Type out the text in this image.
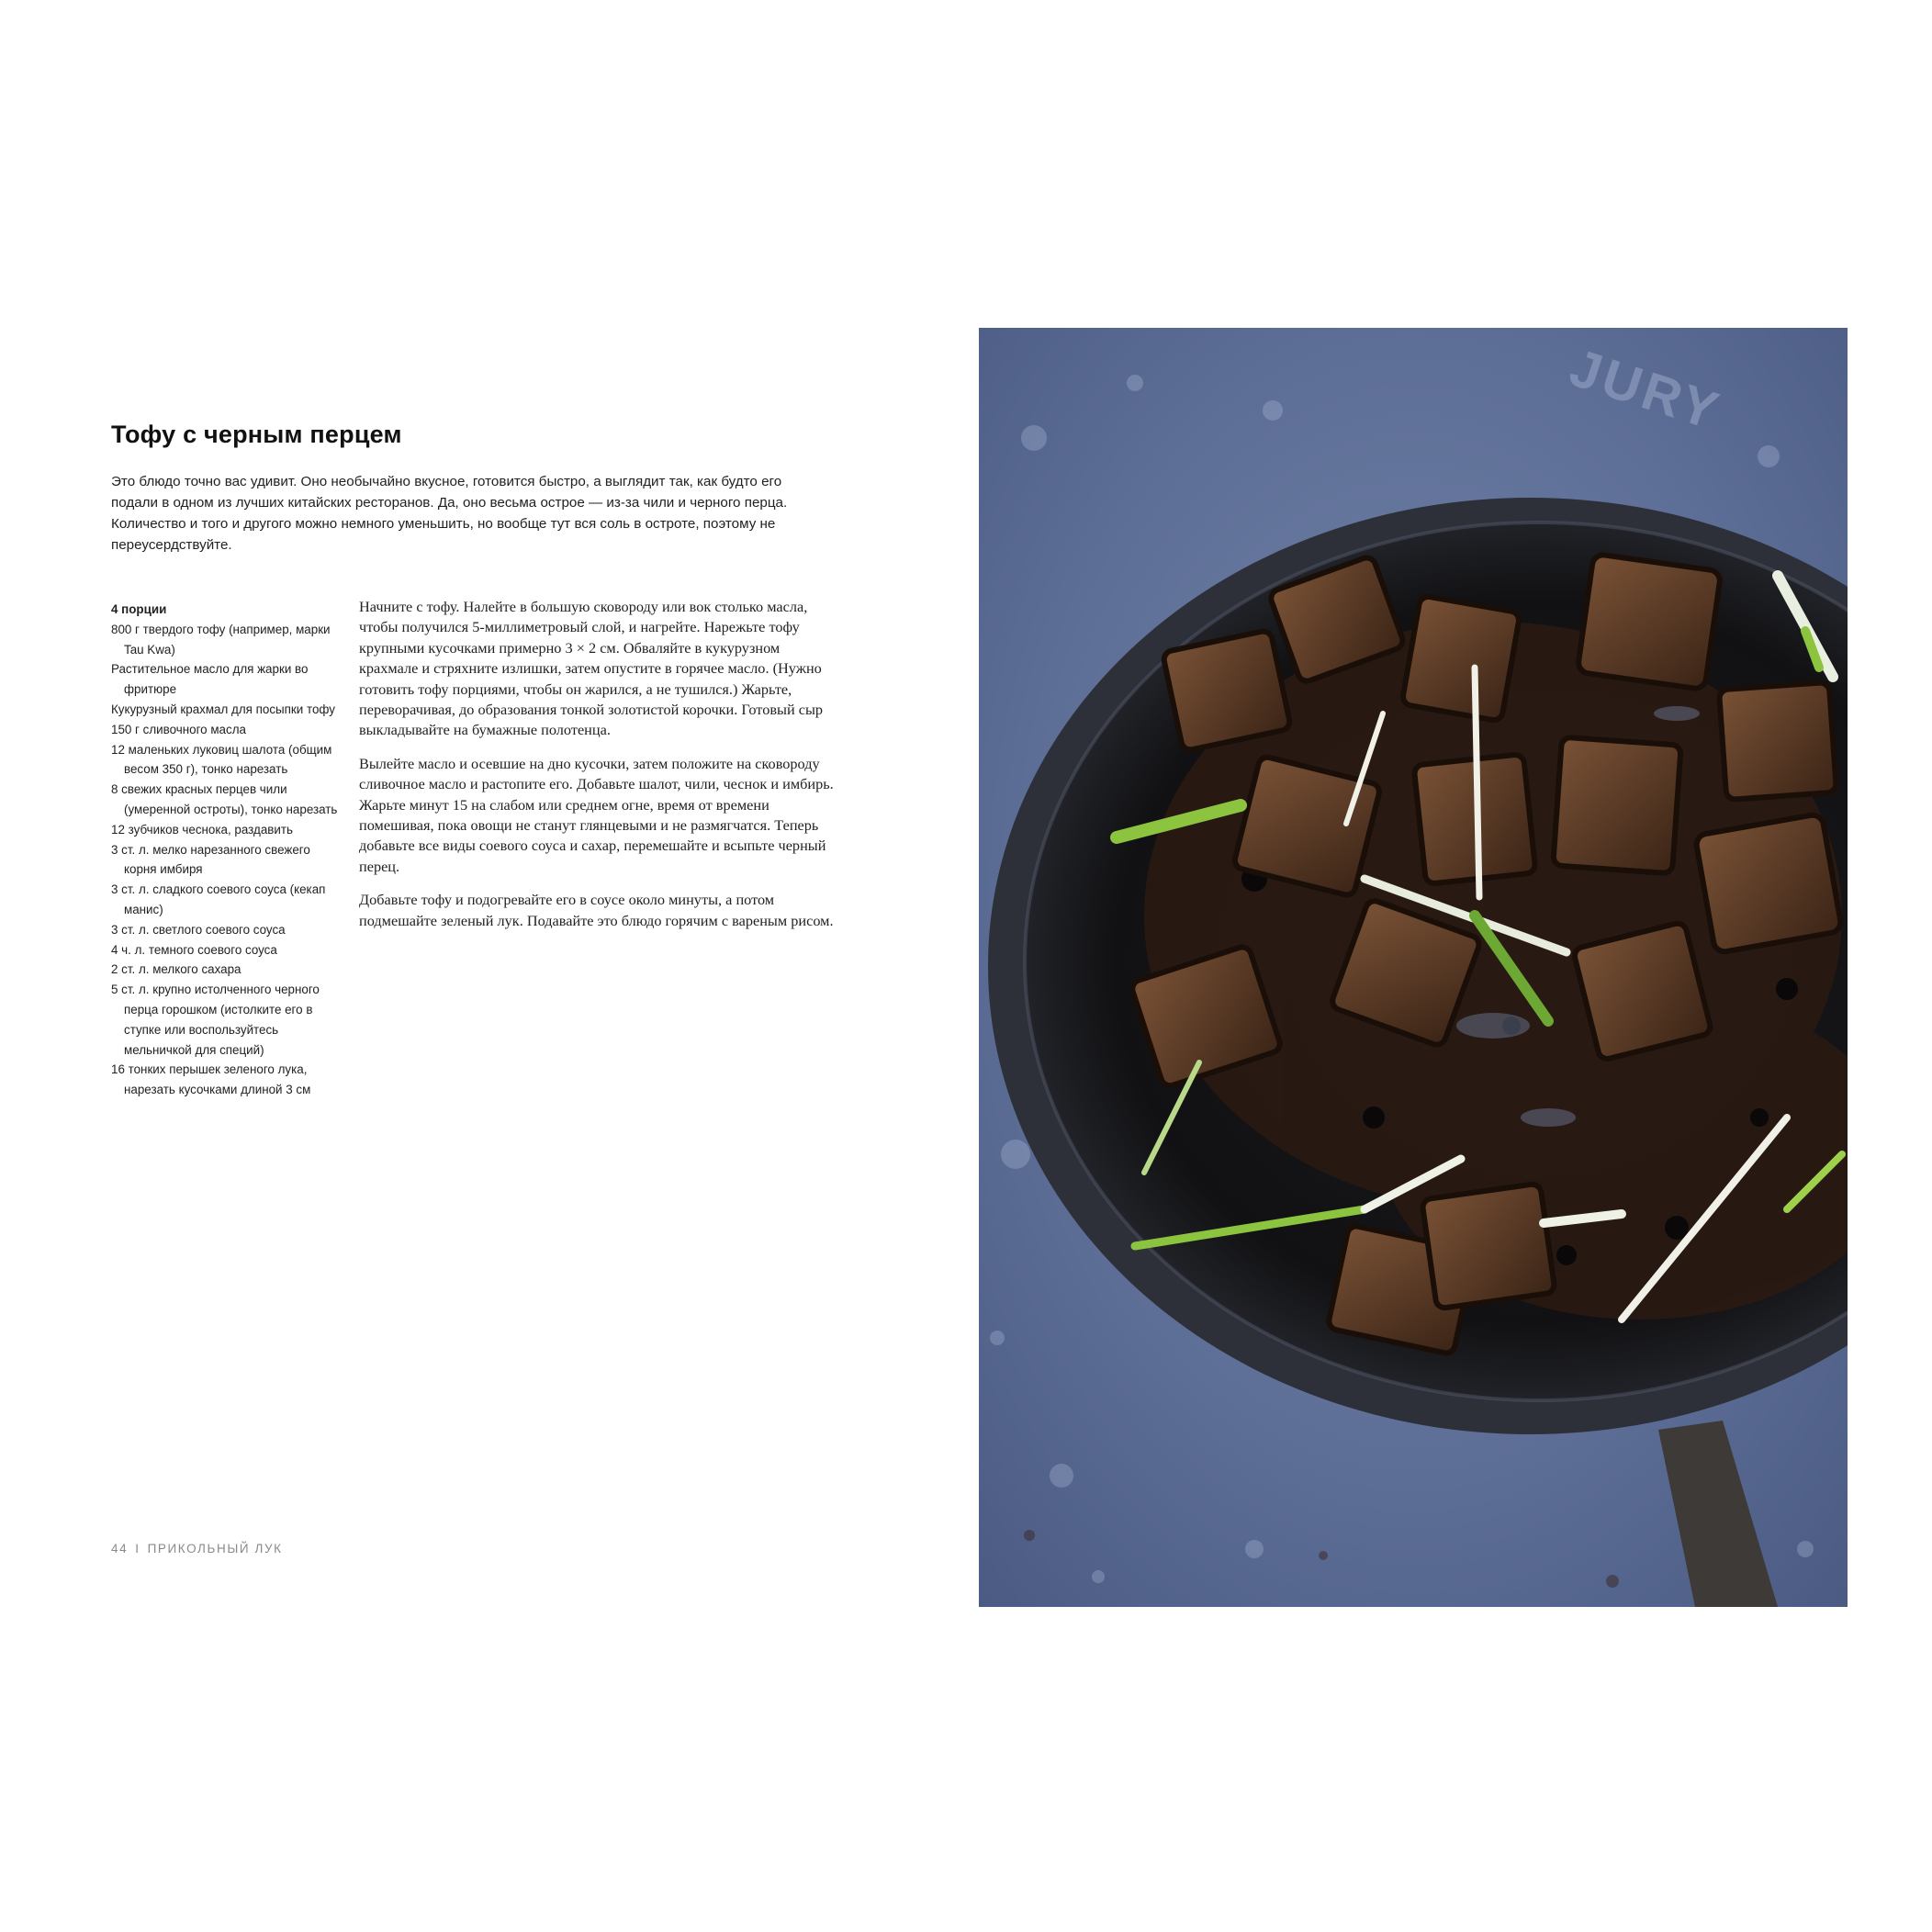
Тофу с черным перцем

Это блюдо точно вас удивит. Оно необычайно вкусное, готовится быстро, а выглядит так, как будто его подали в одном из лучших китайских ресторанов. Да, оно весьма острое — из-за чили и черного перца. Количество и того и другого можно немного уменьшить, но вообще тут вся соль в остроте, поэтому не переусердствуйте.

4 порции
800 г твердого тофу (например, марки Tau Kwa)
Растительное масло для жарки во фритюре
Кукурузный крахмал для посыпки тофу
150 г сливочного масла
12 маленьких луковиц шалота (общим весом 350 г), тонко нарезать
8 свежих красных перцев чили (умеренной остроты), тонко нарезать
12 зубчиков чеснока, раздавить
3 ст. л. мелко нарезанного свежего корня имбиря
3 ст. л. сладкого соевого соуса (кекап манис)
3 ст. л. светлого соевого соуса
4 ч. л. темного соевого соуса
2 ст. л. мелкого сахара
5 ст. л. крупно истолченного черного перца горошком (истолките его в ступке или воспользуйтесь мельничкой для специй)
16 тонких перышек зеленого лука, нарезать кусочками длиной 3 см

Начните с тофу. Налейте в большую сковороду или вок столько масла, чтобы получился 5-миллиметровый слой, и нагрейте. Нарежьте тофу крупными кусочками примерно 3 × 2 см. Обваляйте в кукурузном крахмале и стряхните излишки, затем опустите в горячее масло. (Нужно готовить тофу порциями, чтобы он жарился, а не тушился.) Жарьте, переворачивая, до образования тонкой золотистой корочки. Готовый сыр выкладывайте на бумажные полотенца.

Вылейте масло и осевшие на дно кусочки, затем положите на сковороду сливочное масло и растопите его. Добавьте шалот, чили, чеснок и имбирь. Жарьте минут 15 на слабом или среднем огне, время от времени помешивая, пока овощи не станут глянцевыми и не размягчатся. Теперь добавьте все виды соевого соуса и сахар, перемешайте и всыпьте черный перец.

Добавьте тофу и подогревайте его в соусе около минуты, а потом подмешайте зеленый лук. Подавайте это блюдо горячим с вареным рисом.

44 I ПРИКОЛЬНЫЙ ЛУК
JURY
